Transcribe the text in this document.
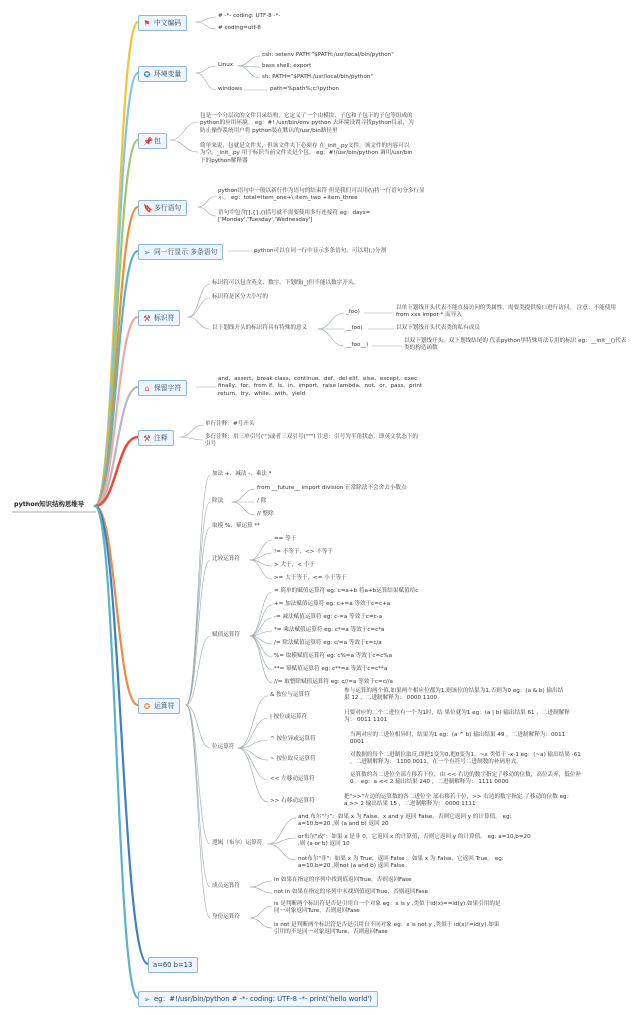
python知识结构思维导
⚑ 中文编码
# -*- coding: UTF-8 -*-
# coding=utf-8
✪ 环境变量
Linux
windows
csh: setenv PATH "$PATH:/usr/local/bin/python"
bass shell: export
sh: PATH="$PATH:/usr/local/bin/python"
path=%path%;c:\python
📌包
包是一个分层次的文件目录结构，它定义了一个由模块、子包和子包下的子包等组成的python的应用环境。 eg：#! /usr/bin/env python 去环境设置寻找python目录，为防止操作系统用户将 python装在默认的/usr/bin路径里
简单来说，包就是文件夹，但该文件夹下必须存 在_init_.py文件，该文件的内容可以为空。_init_.py 用于标识当前文件夹是个包。 eg：#!/usr/bin/python 调用/usr/bin下的python解释器
🔖多行语句
python语句中一般以新行作为语句的结束符 但是我们可以用(\)将一行语句分多行显示。 eg：total=item_one+\ item_two +item_three
语句中包含[],{},()括号就不需要使用多行连接符 eg：days=['Monday','Tuesday','Wednesday']
➢ 同一行显示 多条语句	python可以在同一行中显示多条语句，可以用(;)分割
⚒ 标识符
标识符可以包含英文、数字、下划线(_)但不能以数字开头。
标识符是区分大小写的
以下划线开头的标识符具有特殊的意义
_foo)
以单下划线开头代表不能直接访问的类属性，需要类提供接口进行访问。 注意：不能使用from xxx impor * 而导入
__foo)	以双下划线开头代表类的私有成员
__foo__)
以双下划线开头，双下划线结尾的 代表python里特殊用法专用的标识 eg：__init__()代表类的构造函数
⌂ 保留字符
and、assert、break class、continue、def、del elif、else、except、exec finally、for、from if、is、in、import、raise lambda、not、or、pass、print return、try、while、with、yield
⚒ 注释
单行注释：#号开头
多行注释：用三单引号(''')或者三双引号(""") 注意：引号为半角状态，即英文状态下的引号
✪ 运算符
加法 +、减法 -、乘法 *
除法
from __future__ import division 正常除法不会舍去小数点
/ 除
// 整除
取模 %、幂运算 **
比较运算符
== 等于
!= 不等于，<> 不等于
> 大于，< 小于
>= 大于等于，<= 小于等于
赋值运算符
= 简单的赋值运算符 eg: c=a+b 将a+b运算结果赋值给c
+= 加法赋值运算符 eg: c+=a 等效于c=c+a
-= 减法赋值运算符 eg: c-=a 等效于c=c-a
*= 乘法赋值运算符 eg: c*=a 等效于c=c*a
/= 除法赋值运算符 eg: c/=a 等效于c=c/a
%= 取模赋值运算符 eg: c%=a 等效于c=c%a
**= 幂赋值运算符 eg: c**=a 等效于c=c**a
//= 取整除赋值运算符 eg: c//=a 等效于c=c//a
位运算符
& 按位与运算符
参与运算的两个值,如果两个相应位都为1,则该位的结果为1,否则为0 eg：(a & b) 输出结果 12 ，二进制解释为： 0000 1100
| 按位或运算符
只要对应的二个二进位有一个为1时，结 果位就为1 eg：(a | b) 输出结果 61 ，二进制解释为： 0011 1101
^ 按位异或运算符
当两对应的二进位相异时，结果为1 eg：(a ^ b) 输出结果 49 ，二进制解释为：0011 0001
~ 按位取反运算符
对数据的每个二进制位取反,即把1变为0,把0变为1，~x 类似于 -x-1 eg：(~a) 输出结果 -61 ，二进制解释为： 1100 0011。在一个有符号二进制数的补码形式。
<< 左移动运算符
运算数的各二进位全部左移若干位，由 << 右边的数字指定了移动的位数，高位丢弃，低位补0。 eg：a << 2 输出结果 240 ，二进制解释为： 1111 0000
>> 右移动运算符
把">>"左边的运算数的各二进位全 部右移若干位，>> 右边的数字指定 了移动的位数 eg：a >> 2 输出结果 15 ，二进制解释为： 0000 1111
逻辑（布尔）运算符
and 布尔"与"：如果 x 为 False，x and y 返回 False，否则它返回 y 的计算值。 eg: a=10,b=20 ,则 (a and b) 返回 20
or布尔"或"：如果 x 是非 0，它返回 x 的计算值，否则它返回 y 的计算值。 eg: a=10,b=20 ,则 (a or b) 返回 10
not布尔"非"：如果 x 为 True，返回 False 。如果 x 为 False，它返回 True。 eg: a=10,b=20 ,则not (a and b) 返回 False
成员运算符
in 如果在指定的序列中找到值返回True，否则返回Fase
not in 如果在指定的序列中未找到值返回True，否则返回Fase
身份运算符
is 是判断两个标识符是否是引用自一个对象 eg：x is y ,类似于id(x)==id(y),如果引用的是同一对象返回Ture，否则返回Fase
is not 是判断两个标识符是否是引用自不同对象 eg：x is not y ,类似于 id(x)!=id(y),如果引用的不是同一对象返回Ture，否则返回Fase
a=60 b=13
➢ eg：#!/usr/bin/python # -*- coding: UTF-8 -*- print('hello world')
